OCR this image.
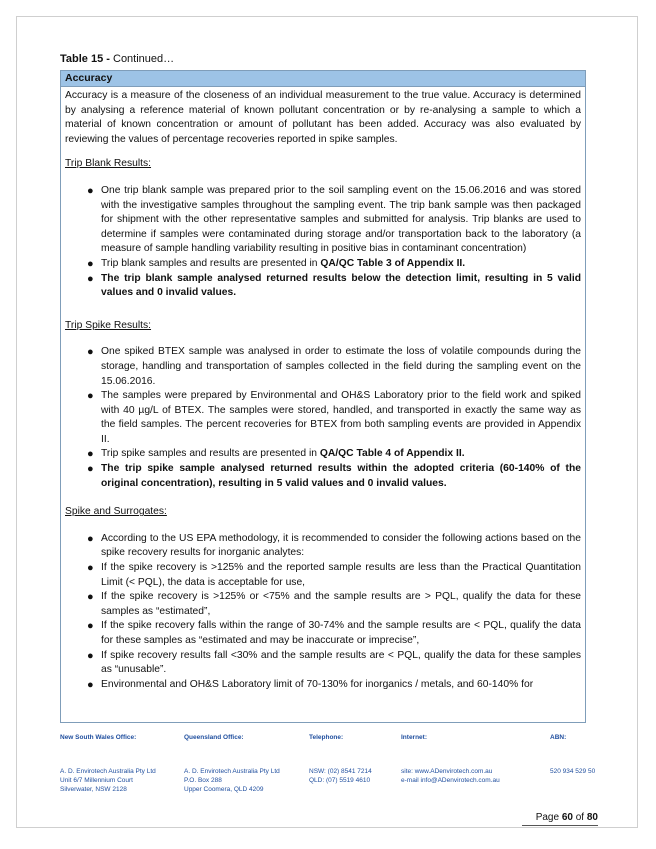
Table 15 - Continued…
Accuracy
Accuracy is a measure of the closeness of an individual measurement to the true value. Accuracy is determined by analysing a reference material of known pollutant concentration or by re-analysing a sample to which a material of known concentration or amount of pollutant has been added. Accuracy was also evaluated by reviewing the values of percentage recoveries reported in spike samples.
Trip Blank Results:
● One trip blank sample was prepared prior to the soil sampling event on the 15.06.2016 and was stored with the investigative samples throughout the sampling event. The trip bank sample was then packaged for shipment with the other representative samples and submitted for analysis. Trip blanks are used to determine if samples were contaminated during storage and/or transportation back to the laboratory (a measure of sample handling variability resulting in positive bias in contaminant concentration)
● Trip blank samples and results are presented in QA/QC Table 3 of Appendix II.
● The trip blank sample analysed returned results below the detection limit, resulting in 5 valid values and 0 invalid values.
Trip Spike Results:
● One spiked BTEX sample was analysed in order to estimate the loss of volatile compounds during the storage, handling and transportation of samples collected in the field during the sampling event on the 15.06.2016.
● The samples were prepared by Environmental and OH&S Laboratory prior to the field work and spiked with 40 µg/L of BTEX. The samples were stored, handled, and transported in exactly the same way as the field samples. The percent recoveries for BTEX from both sampling events are provided in Appendix II.
● Trip spike samples and results are presented in QA/QC Table 4 of Appendix II.
● The trip spike sample analysed returned results within the adopted criteria (60-140% of the original concentration), resulting in 5 valid values and 0 invalid values.
Spike and Surrogates:
● According to the US EPA methodology, it is recommended to consider the following actions based on the spike recovery results for inorganic analytes:
● If the spike recovery is >125% and the reported sample results are less than the Practical Quantitation Limit (< PQL), the data is acceptable for use,
● If the spike recovery is >125% or <75% and the sample results are > PQL, qualify the data for these samples as “estimated”,
● If the spike recovery falls within the range of 30-74% and the sample results are < PQL, qualify the data for these samples as “estimated and may be inaccurate or imprecise”,
● If spike recovery results fall <30% and the sample results are < PQL, qualify the data for these samples as “unusable”.
● Environmental and OH&S Laboratory limit of 70-130% for inorganics / metals, and 60-140% for
New South Wales Office:
A. D. Envirotech Australia Pty Ltd
Unit 6/7 Millennium Court
Silverwater, NSW 2128
Queensland Office:
A. D. Envirotech Australia Pty Ltd
P.O. Box 288
Upper Coomera, QLD 4209
Telephone:
NSW: (02) 8541 7214
QLD: (07) 5519 4610
Internet:
site: www.ADenvirotech.com.au
e-mail info@ADenvirotech.com.au
ABN:
520 934 529 50
Page 60 of 80
